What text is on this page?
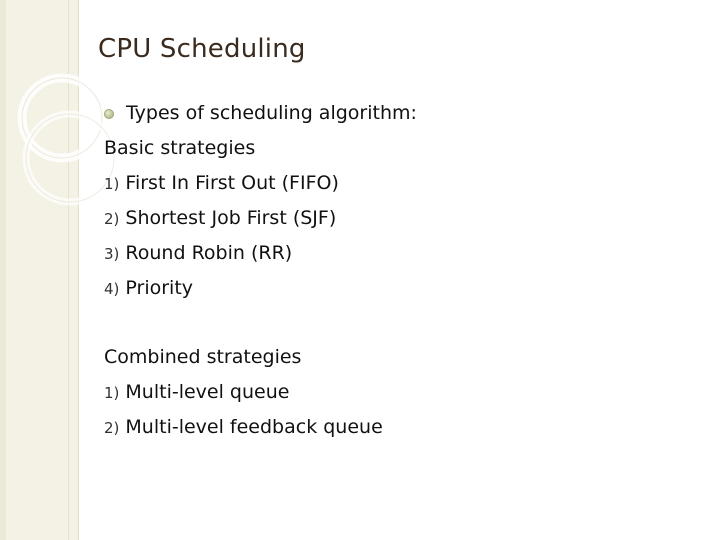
CPU Scheduling
Types of scheduling algorithm:
Basic strategies
1) First In First Out (FIFO)
2) Shortest Job First (SJF)
3) Round Robin (RR)
4) Priority
Combined strategies
1) Multi-level queue
2) Multi-level feedback queue
